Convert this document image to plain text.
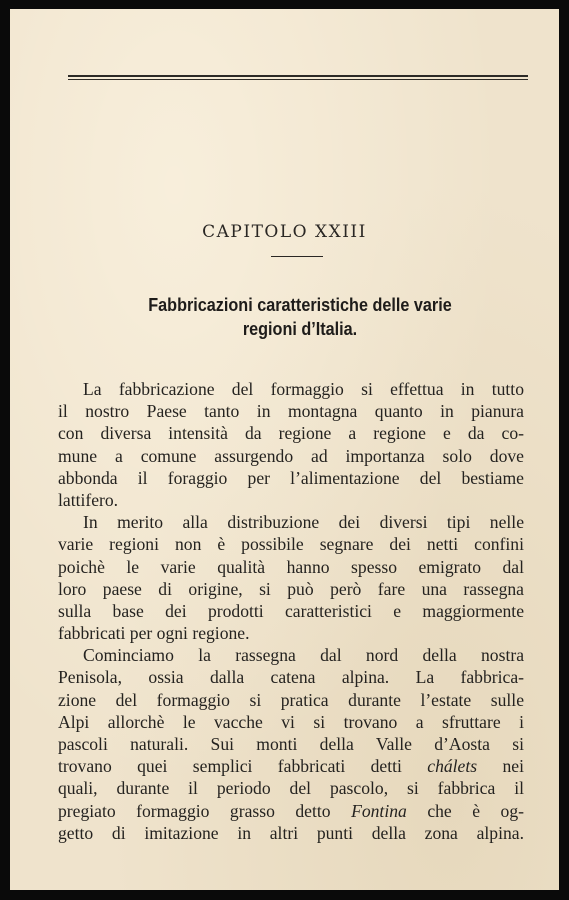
CAPITOLO XXIII
Fabbricazioni caratteristiche delle varie
regioni d’Italia.
La fabbricazione del formaggio si effettua in tutto
il nostro Paese tanto in montagna quanto in pianura
con diversa intensità da regione a regione e da co-
mune a comune assurgendo ad importanza solo dove
abbonda il foraggio per l’alimentazione del bestiame
lattifero.
In merito alla distribuzione dei diversi tipi nelle
varie regioni non è possibile segnare dei netti confini
poichè le varie qualità hanno spesso emigrato dal
loro paese di origine, si può però fare una rassegna
sulla base dei prodotti caratteristici e maggiormente
fabbricati per ogni regione.
Cominciamo la rassegna dal nord della nostra
Penisola, ossia dalla catena alpina. La fabbrica-
zione del formaggio si pratica durante l’estate sulle
Alpi allorchè le vacche vi si trovano a sfruttare i
pascoli naturali. Sui monti della Valle d’Aosta si
trovano quei semplici fabbricati detti chálets nei
quali, durante il periodo del pascolo, si fabbrica il
pregiato formaggio grasso detto Fontina che è og-
getto di imitazione in altri punti della zona alpina.
